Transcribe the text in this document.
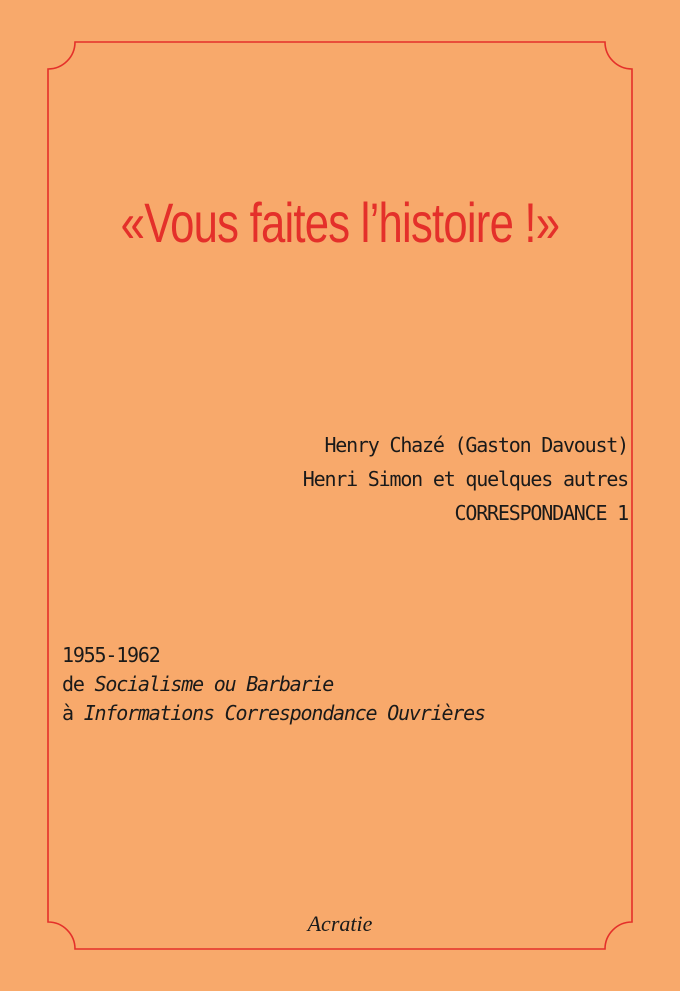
«Vous faites l’histoire !»
Henry Chazé (Gaston Davoust)
Henri Simon et quelques autres
CORRESPONDANCE 1
1955-1962
de Socialisme ou Barbarie
à Informations Correspondance Ouvrières
Acratie
